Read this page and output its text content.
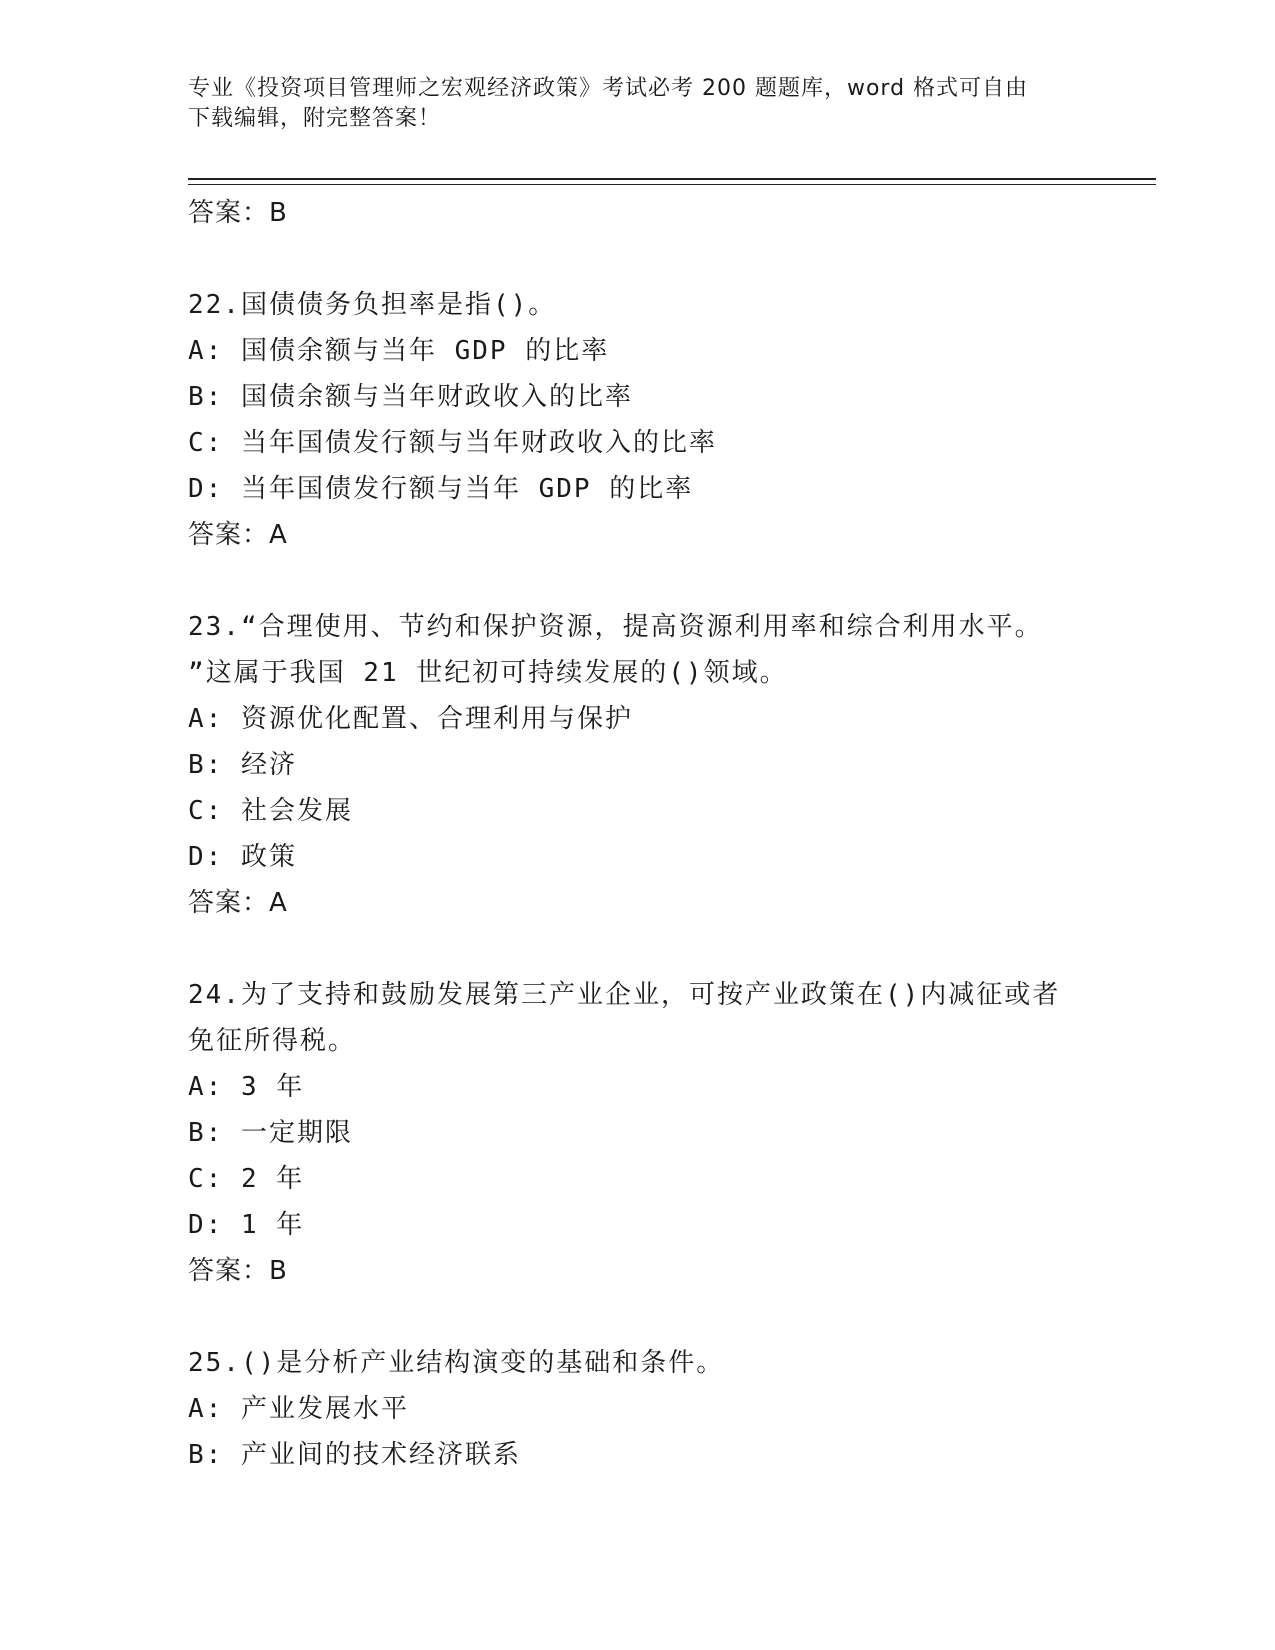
专业《投资项目管理师之宏观经济政策》考试必考 200 题题库，word 格式可自由
下载编辑，附完整答案！
答案：B
22.国债债务负担率是指()。
A: 国债余额与当年 GDP 的比率
B: 国债余额与当年财政收入的比率
C: 当年国债发行额与当年财政收入的比率
D: 当年国债发行额与当年 GDP 的比率
答案：A
23.“合理使用、节约和保护资源，提高资源利用率和综合利用水平。
”这属于我国 21 世纪初可持续发展的()领域。
A: 资源优化配置、合理利用与保护
B: 经济
C: 社会发展
D: 政策
答案：A
24.为了支持和鼓励发展第三产业企业，可按产业政策在()内减征或者
免征所得税。
A: 3 年
B: 一定期限
C: 2 年
D: 1 年
答案：B
25.()是分析产业结构演变的基础和条件。
A: 产业发展水平
B: 产业间的技术经济联系
